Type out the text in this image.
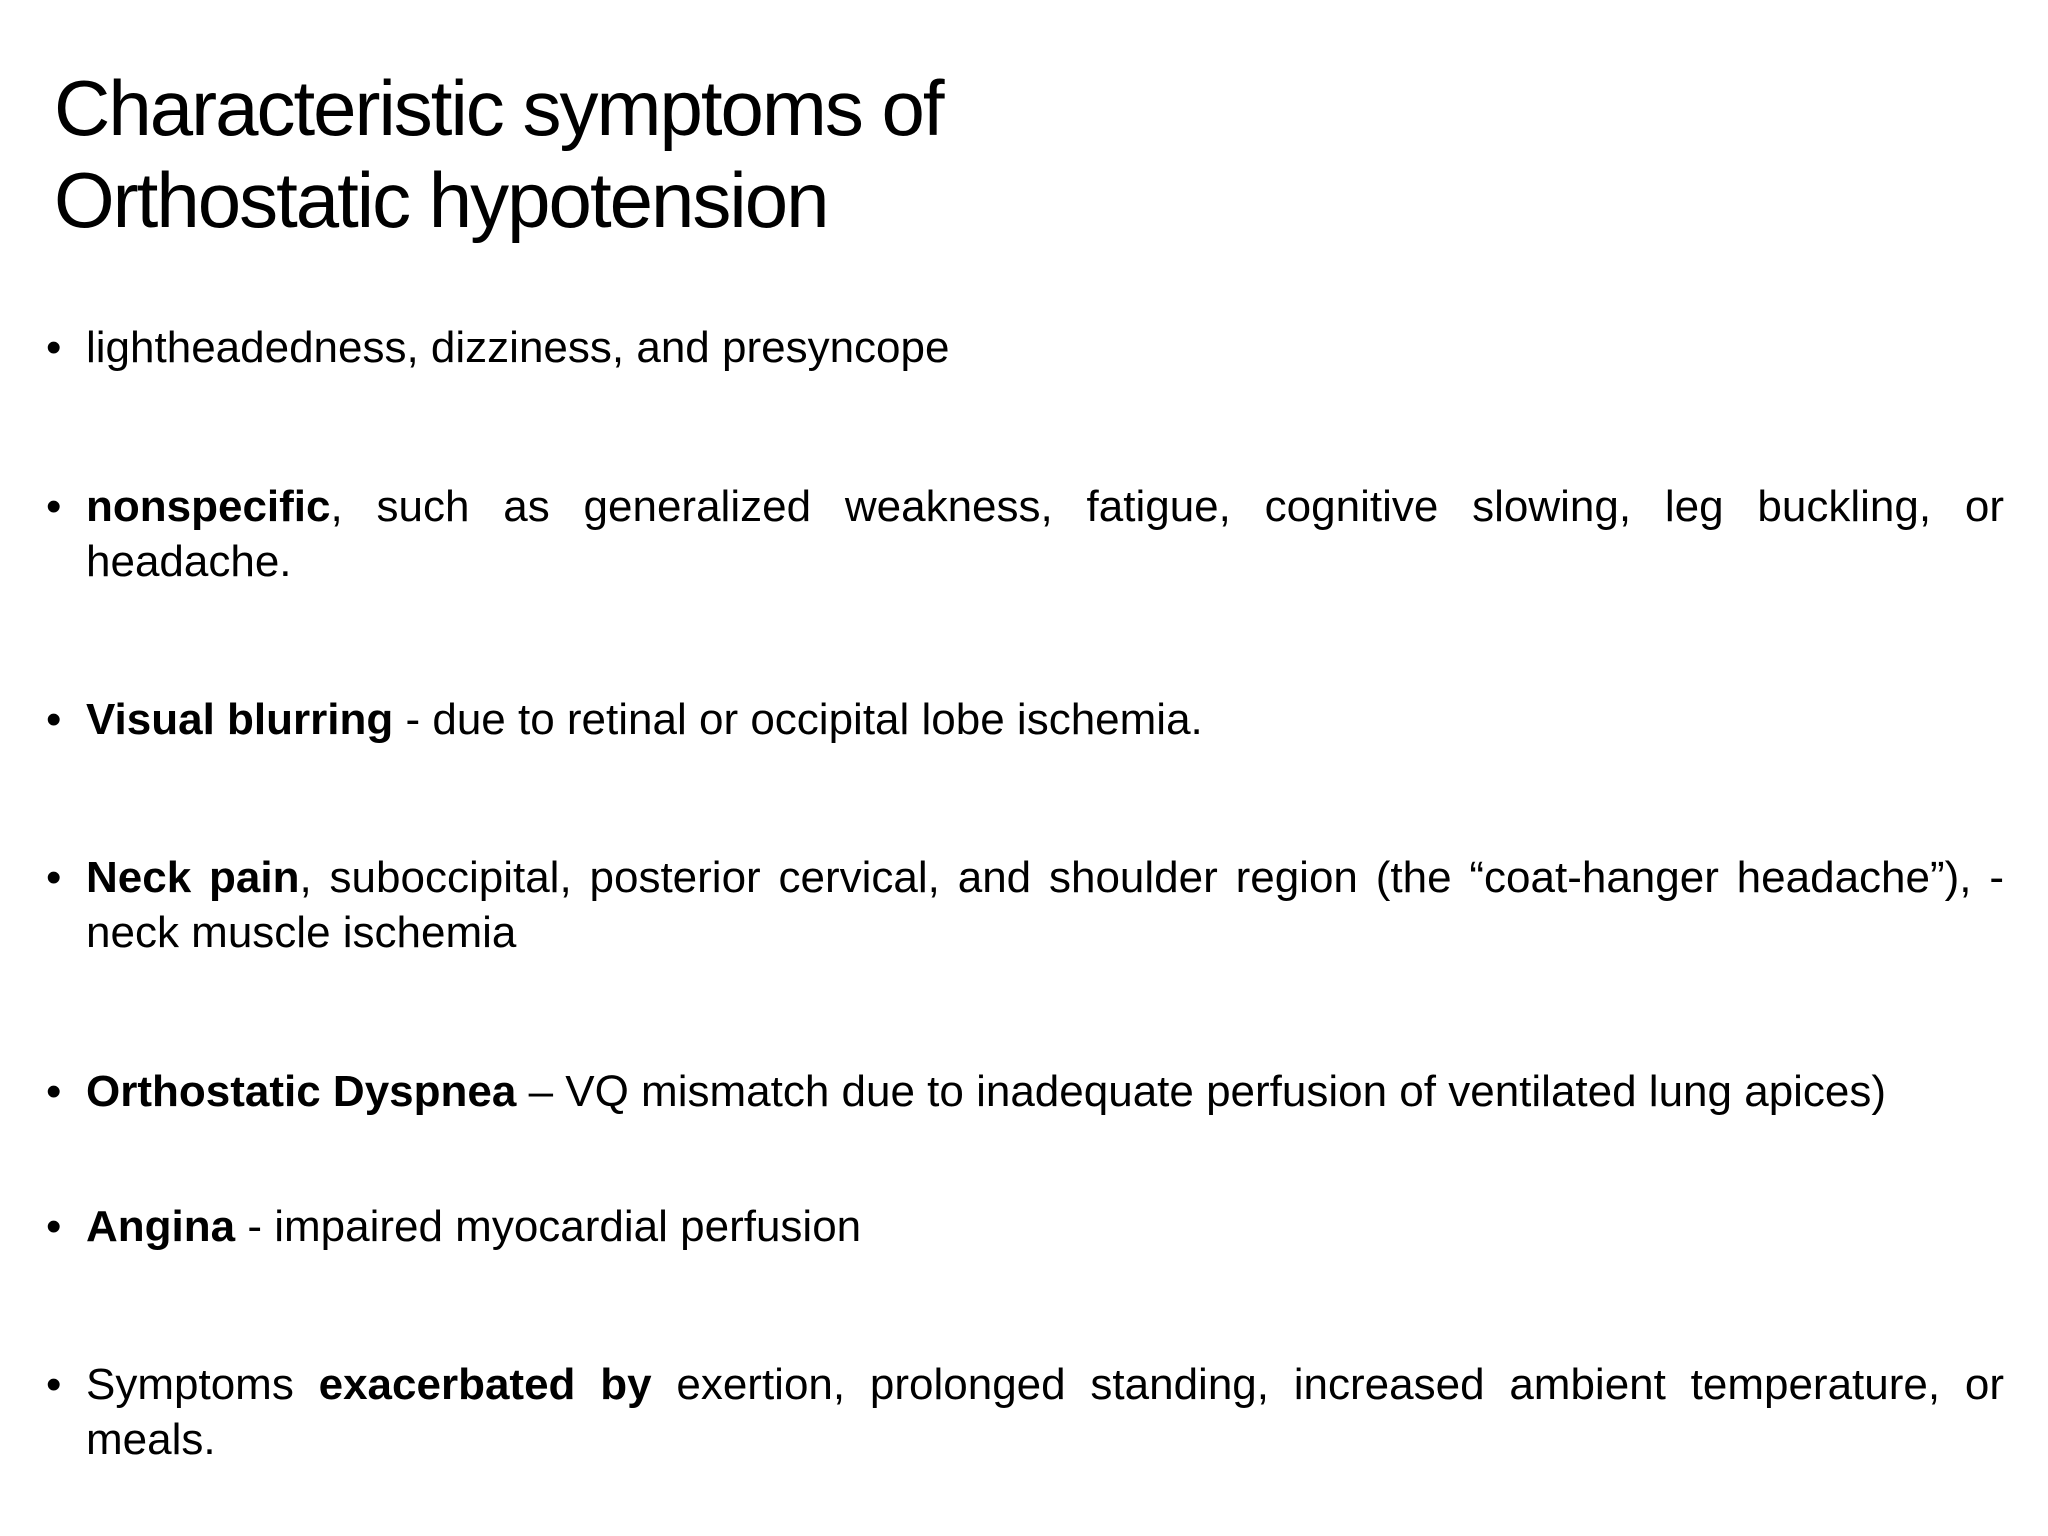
Characteristic symptoms of
Orthostatic hypotension
• lightheadedness, dizziness, and presyncope
• nonspecific, such as generalized weakness, fatigue, cognitive slowing, leg buckling, or headache.
• Visual blurring - due to retinal or occipital lobe ischemia.
• Neck pain, suboccipital, posterior cervical, and shoulder region (the “coat-hanger headache”), - neck muscle ischemia
• Orthostatic Dyspnea – VQ mismatch due to inadequate perfusion of ventilated lung apices)
• Angina - impaired myocardial perfusion
• Symptoms exacerbated by exertion, prolonged standing, increased ambient temperature, or meals.
